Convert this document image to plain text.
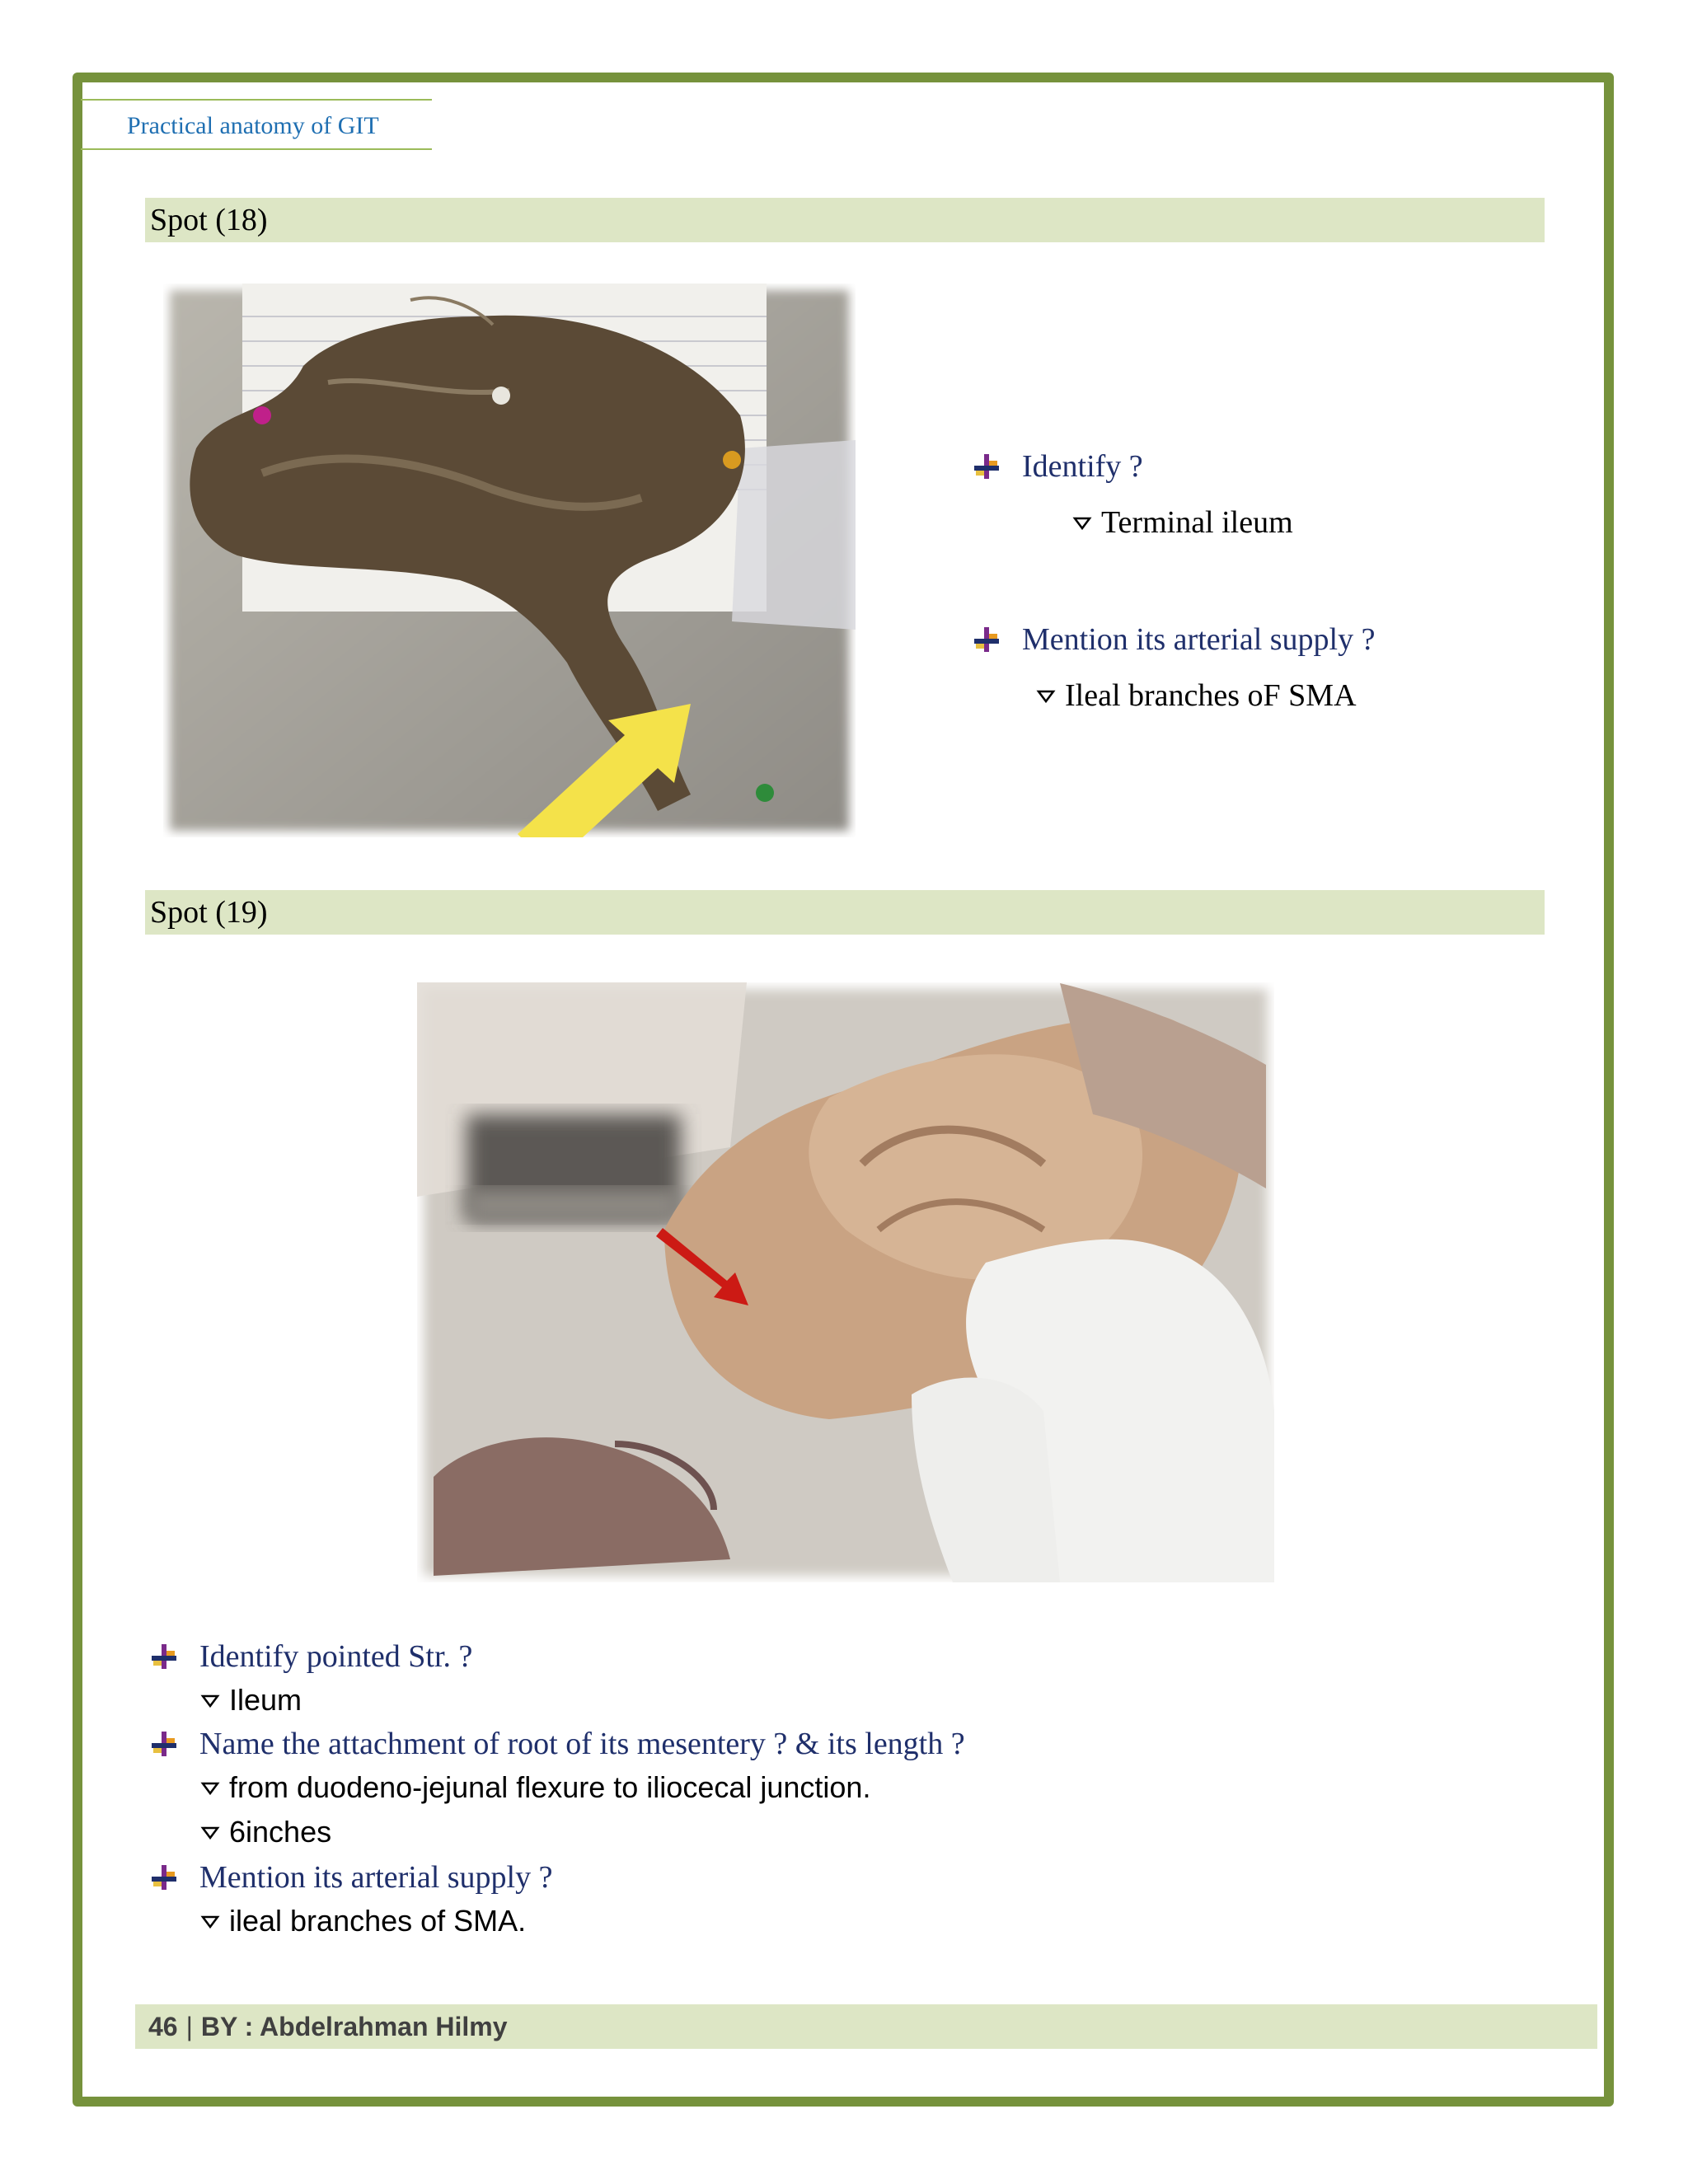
Practical anatomy of GIT
Spot (18)
Identify ?
Terminal ileum
Mention its arterial supply ?
Ileal branches oF SMA
Spot (19)
Identify pointed Str. ?
Ileum
Name the attachment of root of its mesentery ? & its length ?
from duodeno-jejunal flexure to iliocecal junction.
6inches
Mention its arterial supply ?
ileal branches of SMA.
46 | BY : Abdelrahman Hilmy
